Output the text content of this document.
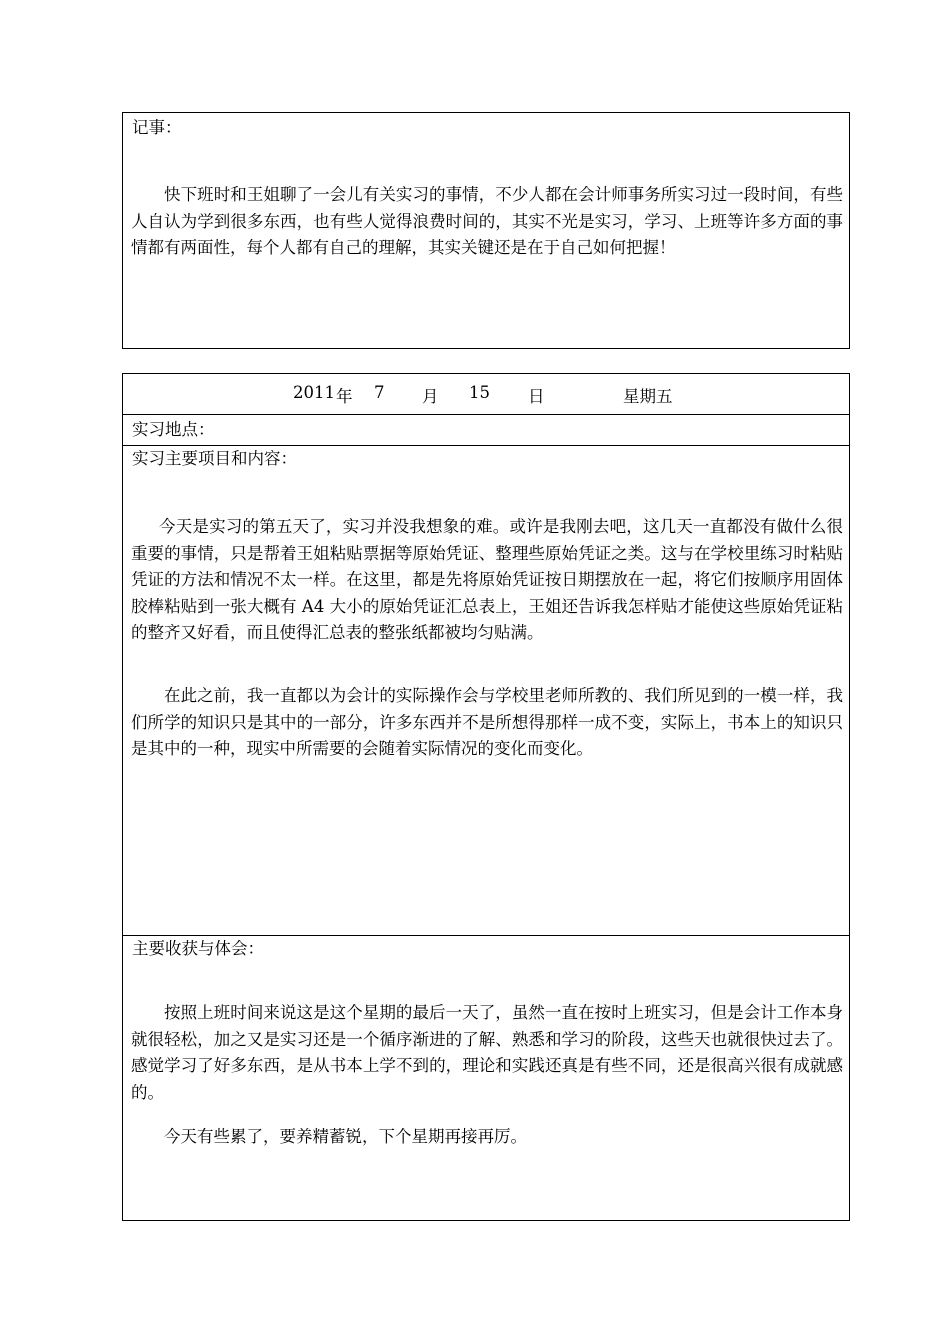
记事：

快下班时和王姐聊了一会儿有关实习的事情，不少人都在会计师事务所实习过一段时间，有些人自认为学到很多东西，也有些人觉得浪费时间的，其实不光是实习，学习、上班等许多方面的事情都有两面性，每个人都有自己的理解，其实关键还是在于自己如何把握！

2011 年 7 月 15 日	星期五
实习地点：
实习主要项目和内容：

今天是实习的第五天了，实习并没我想象的难。或许是我刚去吧，这几天一直都没有做什么很重要的事情，只是帮着王姐粘贴票据等原始凭证、整理些原始凭证之类。这与在学校里练习时粘贴凭证的方法和情况不太一样。在这里，都是先将原始凭证按日期摆放在一起，将它们按顺序用固体胶棒粘贴到一张大概有 A4 大小的原始凭证汇总表上，王姐还告诉我怎样贴才能使这些原始凭证粘的整齐又好看，而且使得汇总表的整张纸都被均匀贴满。

在此之前，我一直都以为会计的实际操作会与学校里老师所教的、我们所见到的一模一样，我们所学的知识只是其中的一部分，许多东西并不是所想得那样一成不变，实际上，书本上的知识只是其中的一种，现实中所需要的会随着实际情况的变化而变化。

主要收获与体会：

按照上班时间来说这是这个星期的最后一天了，虽然一直在按时上班实习，但是会计工作本身就很轻松，加之又是实习还是一个循序渐进的了解、熟悉和学习的阶段，这些天也就很快过去了。感觉学习了好多东西，是从书本上学不到的，理论和实践还真是有些不同，还是很高兴很有成就感的。

今天有些累了，要养精蓄锐，下个星期再接再厉。
